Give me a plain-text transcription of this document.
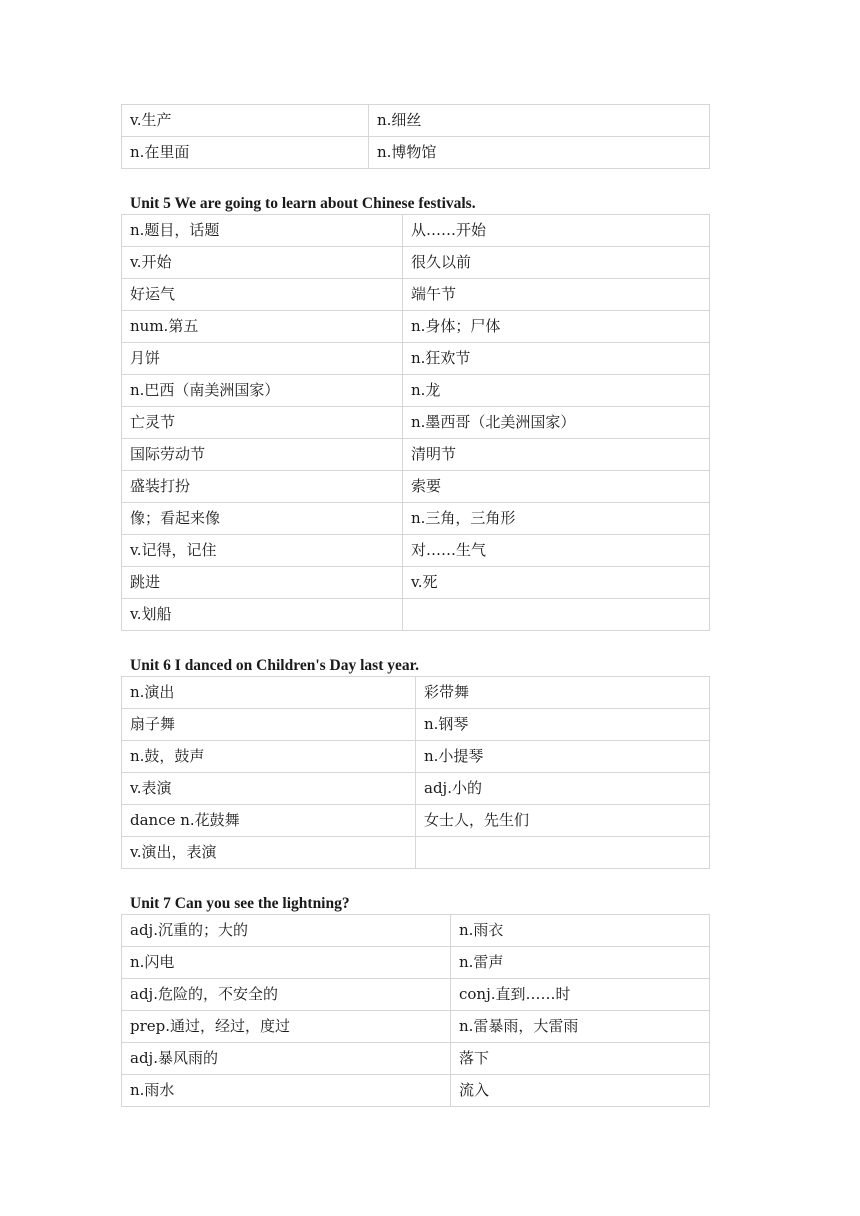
v.生产	n.细丝
n.在里面	n.博物馆
Unit 5 We are going to learn about Chinese festivals.
n.题目，话题	从……开始
v.开始	很久以前
好运气	端午节
num.第五	n.身体；尸体
月饼	n.狂欢节
n.巴西（南美洲国家）	n.龙
亡灵节	n.墨西哥（北美洲国家）
国际劳动节	清明节
盛装打扮	索要
像；看起来像	n.三角，三角形
v.记得，记住	对……生气
跳进	v.死
v.划船	
Unit 6 I danced on Children's Day last year.
n.演出	彩带舞
扇子舞	n.钢琴
n.鼓，鼓声	n.小提琴
v.表演	adj.小的
dance n.花鼓舞	女士人，先生们
v.演出，表演	
Unit 7 Can you see the lightning?
adj.沉重的；大的	n.雨衣
n.闪电	n.雷声
adj.危险的，不安全的	conj.直到……时
prep.通过，经过，度过	n.雷暴雨，大雷雨
adj.暴风雨的	落下
n.雨水	流入
